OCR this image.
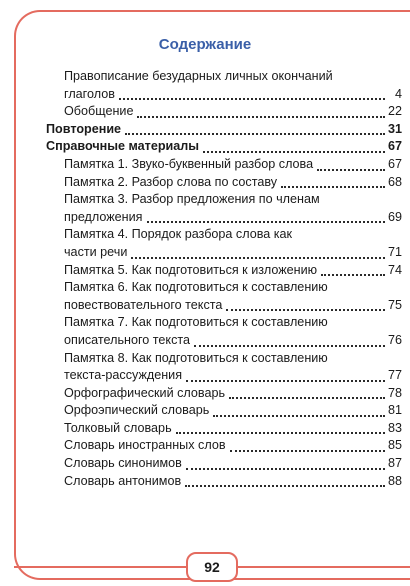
Содержание
Правописание безударных личных окончаний
глаголов	4
Обобщение	22
Повторение	31
Справочные материалы	67
Памятка 1. Звуко-буквенный разбор слова	67
Памятка 2. Разбор слова по составу	68
Памятка 3. Разбор предложения по членам
предложения	69
Памятка 4. Порядок разбора слова как
части речи	71
Памятка 5. Как подготовиться к изложению	74
Памятка 6. Как подготовиться к составлению
повествовательного текста	75
Памятка 7. Как подготовиться к составлению
описательного текста	76
Памятка 8. Как подготовиться к составлению
текста-рассуждения	77
Орфографический словарь	78
Орфоэпический словарь	81
Толковый словарь	83
Словарь иностранных слов	85
Словарь синонимов	87
Словарь антонимов	88
92
